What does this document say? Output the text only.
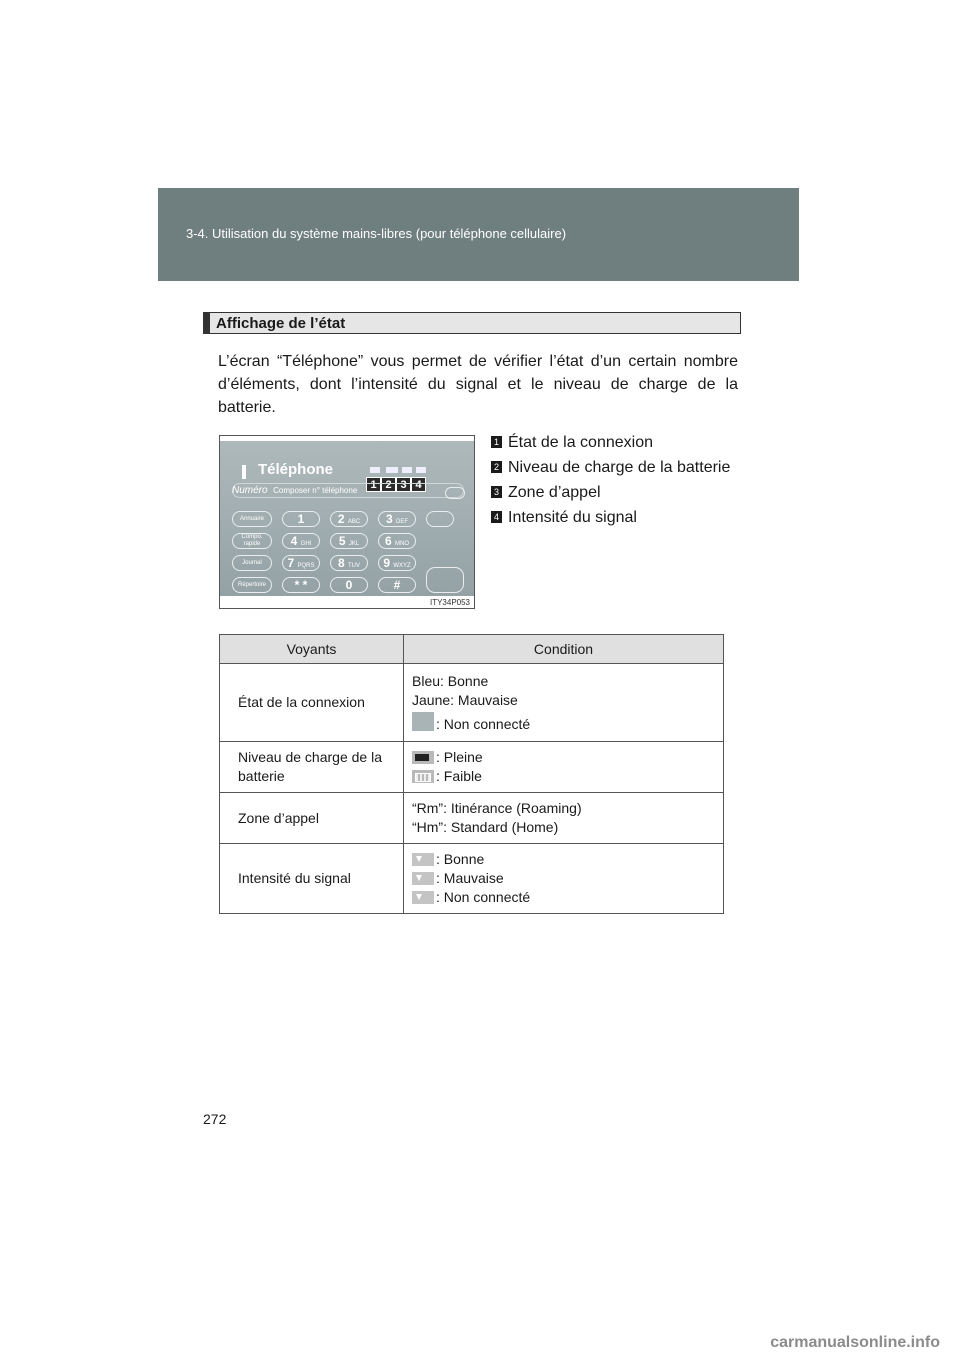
3-4. Utilisation du système mains-libres (pour téléphone cellulaire)
Affichage de l’état

L’écran “Téléphone” vous permet de vérifier l’état d’un certain nombre d’éléments, dont l’intensité du signal et le niveau de charge de la batterie.

Téléphone
1 2 3 4
Numéro Composer n° téléphone
Annuaire
Compo. rapide
Journal
Répertoire
1	2 ABC	3 DEF
4 GHI	5 JKL	6 MNO
7 PQRS	8 TUV	9 WXYZ
* *	0	#
ITY34P053
1 État de la connexion
2 Niveau de charge de la batterie
3 Zone d’appel
4 Intensité du signal
Voyants	Condition
État de la connexion	Bleu: Bonne
Jaune: Mauvaise
: Non connecté

Niveau de charge de la batterie	: Pleine
: Faible

Zone d’appel	“Rm”: Itinérance (Roaming)
“Hm”: Standard (Home)

Intensité du signal	: Bonne
: Mauvaise
: Non connecté
272
carmanualsonline.info
